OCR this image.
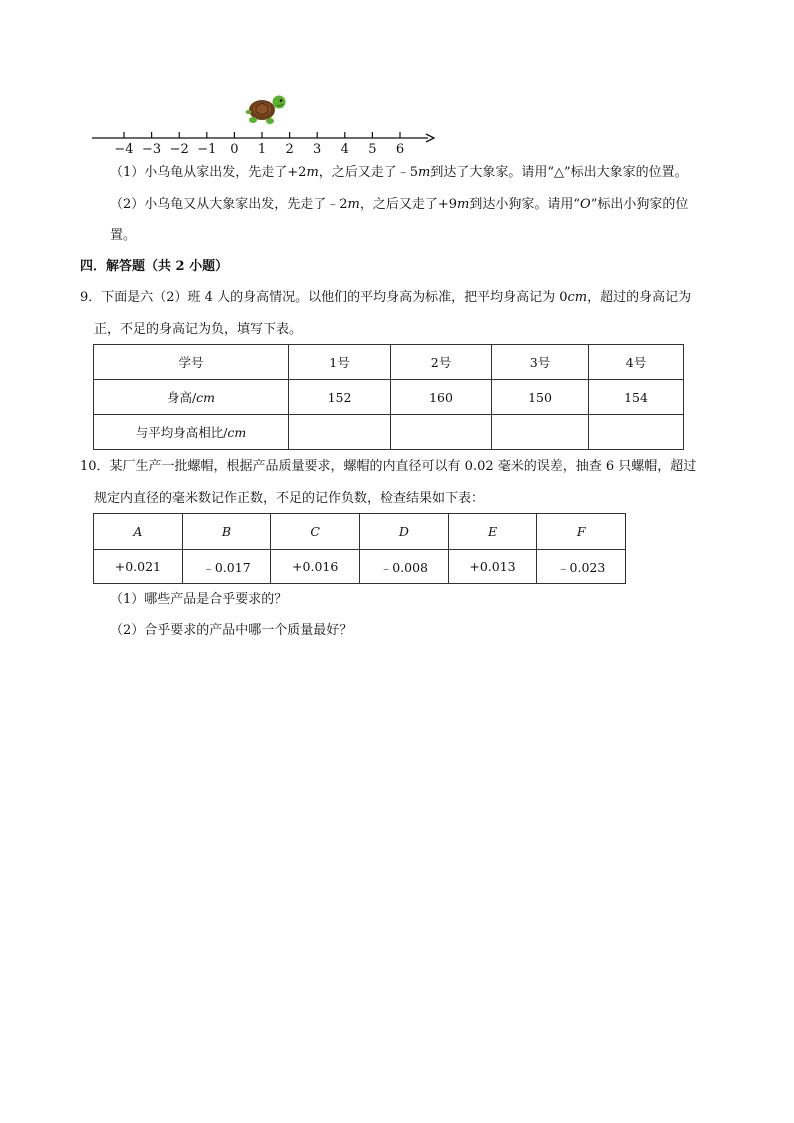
−4 −3 −2 −1 0 1 2 3 4 5 6
（1）小乌龟从家出发，先走了+2m，之后又走了﹣5m到达了大象家。请用“△”标出大象家的位置。
（2）小乌龟又从大象家出发，先走了﹣2m，之后又走了+9m到达小狗家。请用“O”标出小狗家的位
置。
四．解答题（共 2 小题）
9．下面是六（2）班 4 人的身高情况。以他们的平均身高为标准，把平均身高记为 0cm，超过的身高记为
正，不足的身高记为负，填写下表。
学号	1号	2号	3号	4号
身高/cm	152	160	150	154
与平均身高相比/cm				
10．某厂生产一批螺帽，根据产品质量要求，螺帽的内直径可以有 0.02 毫米的误差，抽查 6 只螺帽，超过
规定内直径的毫米数记作正数，不足的记作负数，检查结果如下表：
A	B	C	D	E	F
+0.021	﹣0.017	+0.016	﹣0.008	+0.013	﹣0.023
（1）哪些产品是合乎要求的？
（2）合乎要求的产品中哪一个质量最好？
